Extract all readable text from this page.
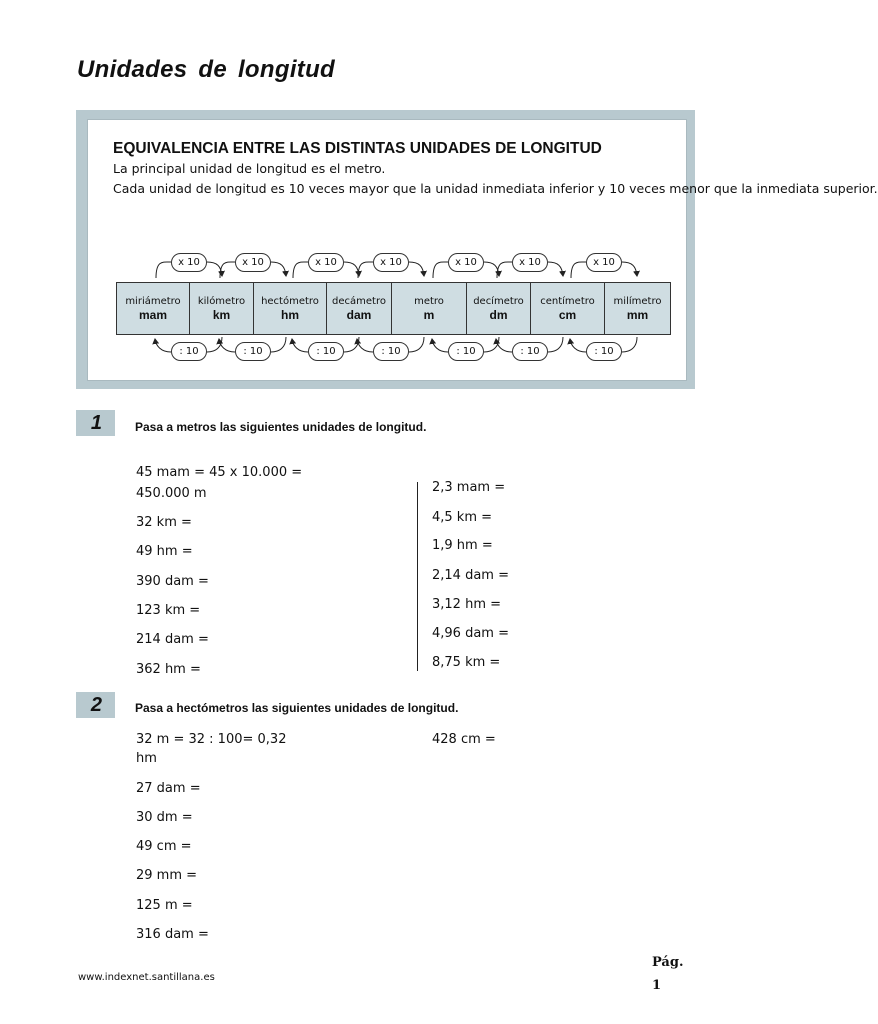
Unidades de longitud
EQUIVALENCIA ENTRE LAS DISTINTAS UNIDADES DE LONGITUD
La principal unidad de longitud es el metro.
Cada unidad de longitud es 10 veces mayor que la unidad inmediata inferior y 10 veces menor que la inmediata superior.
x 10
: 10
x 10
: 10
x 10
: 10
x 10
: 10
x 10
: 10
x 10
: 10
x 10
: 10
miriámetro
mam
kilómetro
km
hectómetro
hm
decámetro
dam
metro
m
decímetro
dm
centímetro
cm
milímetro
mm
1	Pasa a metros las siguientes unidades de longitud.
45 mam = 45 x 10.000 =
450.000 m
32 km =
49 hm =
390 dam =
123 km =
214 dam =
362 hm =
2,3 mam =
4,5 km =
1,9 hm =
2,14 dam =
3,12 hm =
4,96 dam =
8,75 km =
2	Pasa a hectómetros las siguientes unidades de longitud.
32 m = 32 : 100= 0,32
hm
27 dam =
30 dm =
49 cm =
29 mm =
125 m =
316 dam =
428 cm =
www.indexnet.santillana.es
Pág.
1
